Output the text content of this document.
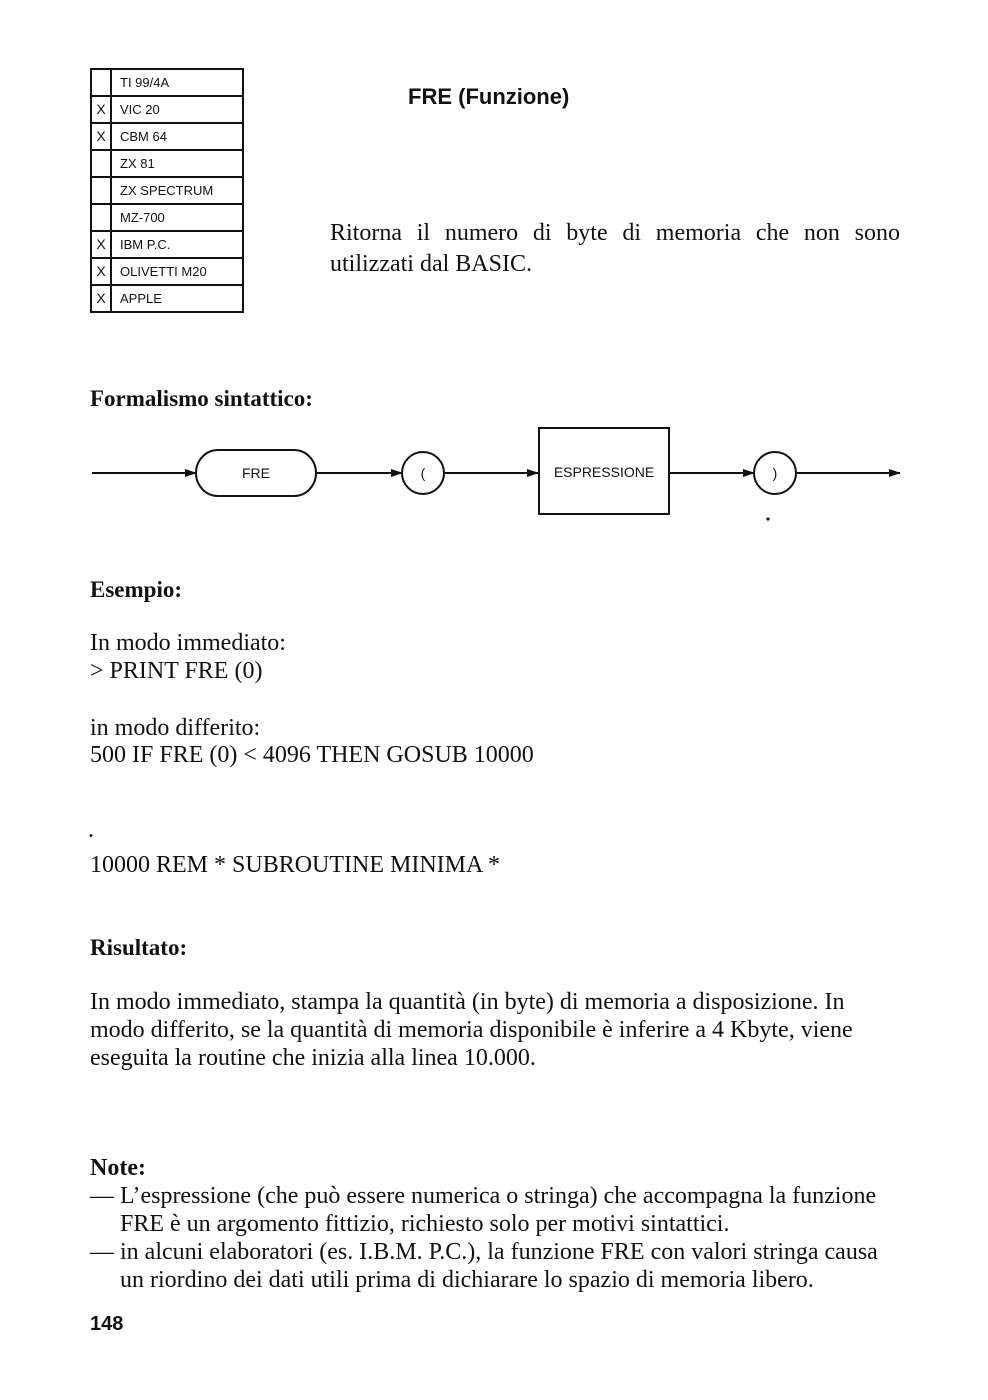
	TI 99/4A
X	VIC 20
X	CBM 64
	ZX 81
	ZX SPECTRUM
	MZ-700
X	IBM P.C.
X	OLIVETTI M20
X	APPLE
FRE (Funzione)
Ritorna il numero di byte di memoria che non sono utilizzati dal BASIC.
Formalismo sintattico:
FRE	(	ESPRESSIONE	)
Esempio:
In modo immediato:
> PRINT FRE (0)
in modo differito:
500 IF FRE (0) < 4096 THEN GOSUB 10000
.
10000 REM * SUBROUTINE MINIMA *
Risultato:
In modo immediato, stampa la quantità (in byte) di memoria a disposizione. In modo differito, se la quantità di memoria disponibile è inferire a 4 Kbyte, viene eseguita la routine che inizia alla linea 10.000.
Note:
— L’espressione (che può essere numerica o stringa) che accompagna la funzione FRE è un argomento fittizio, richiesto solo per motivi sintattici.
— in alcuni elaboratori (es. I.B.M. P.C.), la funzione FRE con valori stringa causa un riordino dei dati utili prima di dichiarare lo spazio di memoria libero.
148
